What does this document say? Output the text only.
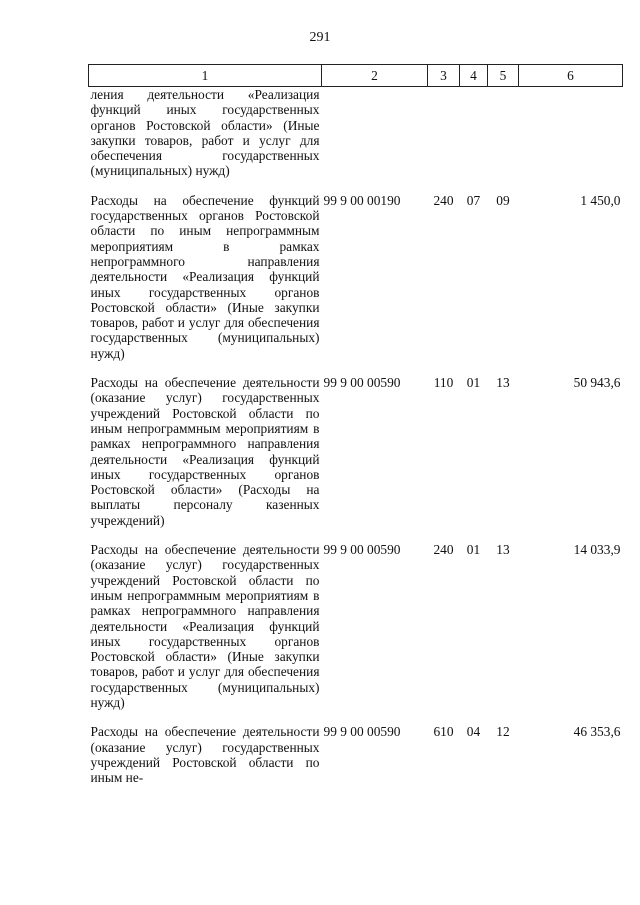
291
1	2	3	4	5	6
ления деятельности «Реализация функций иных государственных органов Ростовской области» (Иные закупки товаров, работ и услуг для обеспечения государственных (муниципальных) нужд)					
Расходы на обеспечение функций государственных органов Ростовской области по иным непрограммным мероприятиям в рамках непрограммного направления деятельности «Реализация функций иных государственных органов Ростовской области» (Иные закупки товаров, работ и услуг для обеспечения государственных (муниципальных) нужд)	99 9 00 00190	240	07	09	1 450,0
Расходы на обеспечение деятельности (оказание услуг) государственных учреждений Ростовской области по иным непрограммным мероприятиям в рамках непрограммного направления деятельности «Реализация функций иных государственных органов Ростовской области» (Расходы на выплаты персоналу казенных учреждений)	99 9 00 00590	110	01	13	50 943,6
Расходы на обеспечение деятельности (оказание услуг) государственных учреждений Ростовской области по иным непрограммным мероприятиям в рамках непрограммного направления деятельности «Реализация функций иных государственных органов Ростовской области» (Иные закупки товаров, работ и услуг для обеспечения государственных (муниципальных) нужд)	99 9 00 00590	240	01	13	14 033,9
Расходы на обеспечение деятельности (оказание услуг) государственных учреждений Ростовской области по иным не-	99 9 00 00590	610	04	12	46 353,6
